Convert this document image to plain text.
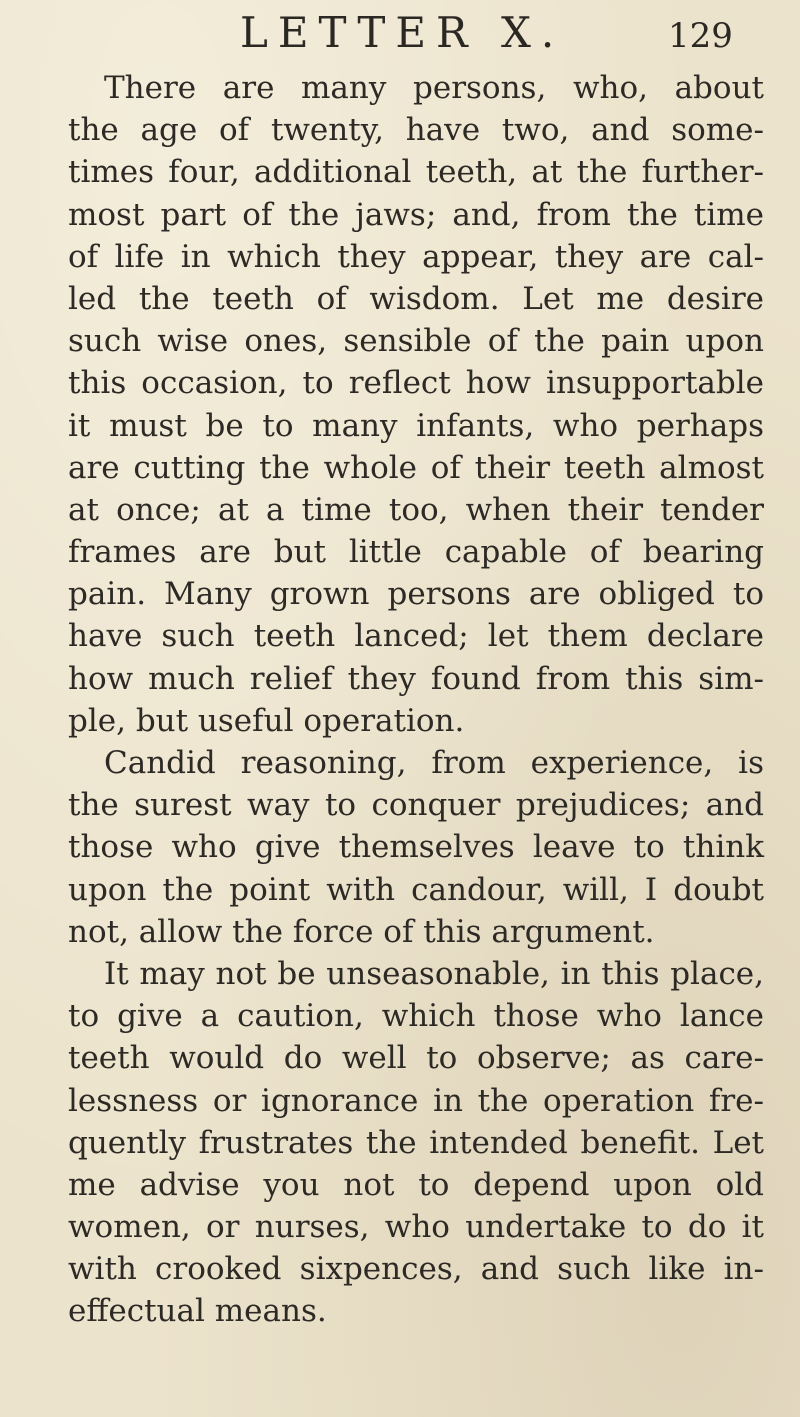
LETTER X.	129
There are many persons, who, about
the age of twenty, have two, and some-
times four, additional teeth, at the further-
most part of the jaws; and, from the time
of life in which they appear, they are cal-
led the teeth of wisdom. Let me desire
such wise ones, sensible of the pain upon
this occasion, to reflect how insupportable
it must be to many infants, who perhaps
are cutting the whole of their teeth almost
at once; at a time too, when their tender
frames are but little capable of bearing
pain. Many grown persons are obliged to
have such teeth lanced; let them declare
how much relief they found from this sim-
ple, but useful operation.
Candid reasoning, from experience, is
the surest way to conquer prejudices; and
those who give themselves leave to think
upon the point with candour, will, I doubt
not, allow the force of this argument.
It may not be unseasonable, in this place,
to give a caution, which those who lance
teeth would do well to observe; as care-
lessness or ignorance in the operation fre-
quently frustrates the intended benefit. Let
me advise you not to depend upon old
women, or nurses, who undertake to do it
with crooked sixpences, and such like in-
effectual means.
